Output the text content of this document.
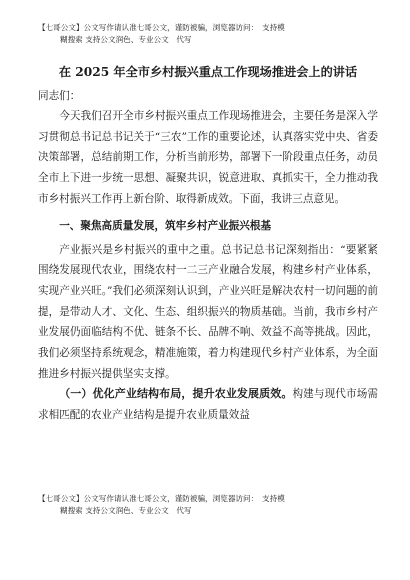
【七哥公文】公文写作请认准七哥公文，谨防被骗，浏览器访问：　支持模
糊搜索 支持公文润色、专业公文　代写
在 2025 年全市乡村振兴重点工作现场推进会上的讲话

同志们：

今天我们召开全市乡村振兴重点工作现场推进会，主要任务是深入学习贯彻总书记总书记关于“三农”工作的重要论述，认真落实党中央、省委决策部署，总结前期工作，分析当前形势，部署下一阶段重点任务，动员全市上下进一步统一思想、凝聚共识，锐意进取、真抓实干，全力推动我市乡村振兴工作再上新台阶、取得新成效。下面，我讲三点意见。

一、聚焦高质量发展，筑牢乡村产业振兴根基

产业振兴是乡村振兴的重中之重。总书记总书记深刻指出：“要紧紧围绕发展现代农业，围绕农村一二三产业融合发展，构建乡村产业体系，实现产业兴旺。”我们必须深刻认识到，产业兴旺是解决农村一切问题的前提，是带动人才、文化、生态、组织振兴的物质基础。当前，我市乡村产业发展仍面临结构不优、链条不长、品牌不响、效益不高等挑战。因此，我们必须坚持系统观念，精准施策，着力构建现代乡村产业体系，为全面推进乡村振兴提供坚实支撑。

（一）优化产业结构布局，提升农业发展质效。构建与现代市场需求相匹配的农业产业结构是提升农业质量效益

【七哥公文】公文写作请认准七哥公文，谨防被骗，浏览器访问：　支持模
糊搜索 支持公文润色、专业公文　代写
